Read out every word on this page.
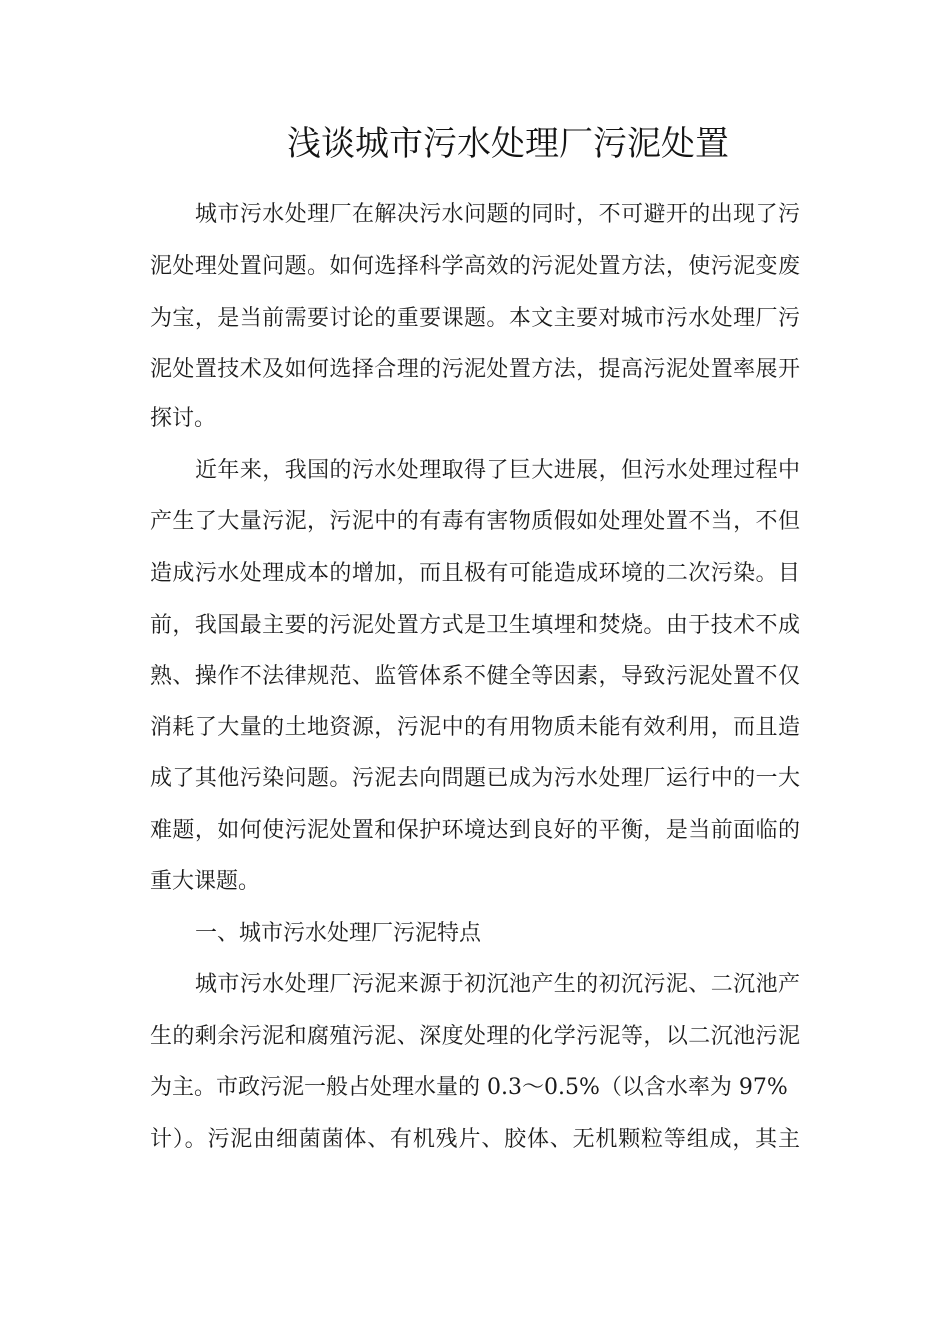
浅谈城市污水处理厂污泥处置
城市污水处理厂在解决污水问题的同时，不可避开的出现了污
泥处理处置问题。如何选择科学高效的污泥处置方法，使污泥变废
为宝，是当前需要讨论的重要课题。本文主要对城市污水处理厂污
泥处置技术及如何选择合理的污泥处置方法，提高污泥处置率展开
探讨。
近年来，我国的污水处理取得了巨大进展，但污水处理过程中
产生了大量污泥，污泥中的有毒有害物质假如处理处置不当，不但
造成污水处理成本的增加，而且极有可能造成环境的二次污染。目
前，我国最主要的污泥处置方式是卫生填埋和焚烧。由于技术不成
熟、操作不法律规范、监管体系不健全等因素，导致污泥处置不仅
消耗了大量的土地资源，污泥中的有用物质未能有效利用，而且造
成了其他污染问题。污泥去向問題已成为污水处理厂运行中的一大
难题，如何使污泥处置和保护环境达到良好的平衡，是当前面临的
重大课题。
一、城市污水处理厂污泥特点
城市污水处理厂污泥来源于初沉池产生的初沉污泥、二沉池产
生的剩余污泥和腐殖污泥、深度处理的化学污泥等，以二沉池污泥
为主。市政污泥一般占处理水量的 0.3～0.5%（以含水率为 97%
计）。污泥由细菌菌体、有机残片、胶体、无机颗粒等组成，其主
